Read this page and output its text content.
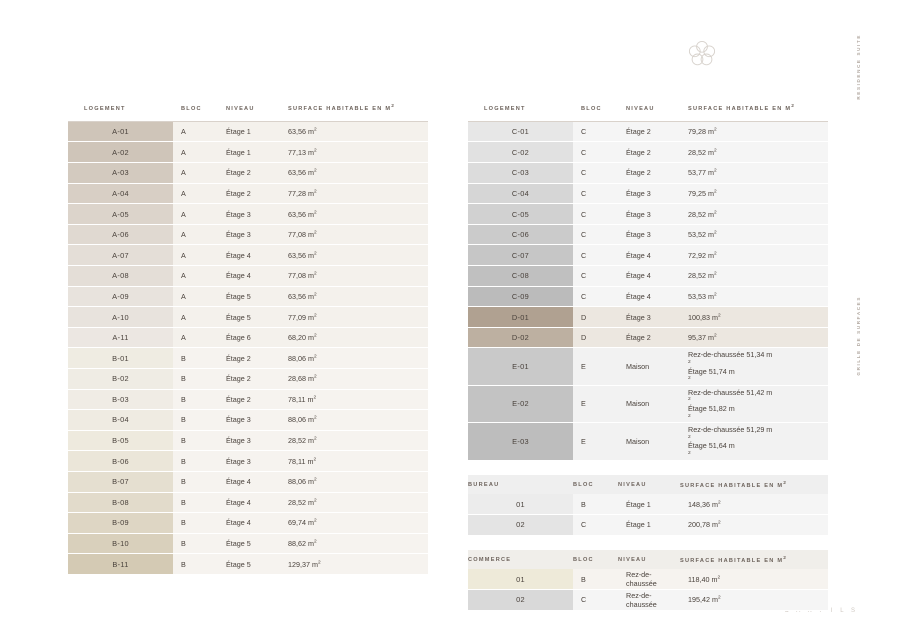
RESIDENCE SUITE
GRILLE DE SURFACES
C A R F I L S
LOGEMENT	BLOC	NIVEAU	SURFACE HABITABLE EN M2
A-01	A	Étage 1	63,56 $m^2$
A-02	A	Étage 1	77,13 $m^2$
A-03	A	Étage 2	63,56 $m^2$
A-04	A	Étage 2	77,28 $m^2$
A-05	A	Étage 3	63,56 $m^2$
A-06	A	Étage 3	77,08 $m^2$
A-07	A	Étage 4	63,56 $m^2$
A-08	A	Étage 4	77,08 $m^2$
A-09	A	Étage 5	63,56 $m^2$
A-10	A	Étage 5	77,09 $m^2$
A-11	A	Étage 6	68,20 $m^2$
B-01	B	Étage 2	88,06 $m^2$
B-02	B	Étage 2	28,68 $m^2$
B-03	B	Étage 2	78,11 $m^2$
B-04	B	Étage 3	88,06 $m^2$
B-05	B	Étage 3	28,52 $m^2$
B-06	B	Étage 3	78,11 $m^2$
B-07	B	Étage 4	88,06 $m^2$
B-08	B	Étage 4	28,52 $m^2$
B-09	B	Étage 4	69,74 $m^2$
B-10	B	Étage 5	88,62 $m^2$
B-11	B	Étage 5	129,37 $m^2$
LOGEMENT	BLOC	NIVEAU	SURFACE HABITABLE EN M2
C-01	C	Étage 2	79,28 $m^2$
C-02	C	Étage 2	28,52 $m^2$
C-03	C	Étage 2	53,77 $m^2$
C-04	C	Étage 3	79,25 $m^2$
C-05	C	Étage 3	28,52 $m^2$
C-06	C	Étage 3	53,52 $m^2$
C-07	C	Étage 4	72,92 $m^2$
C-08	C	Étage 4	28,52 $m^2$
C-09	C	Étage 4	53,53 $m^2$
D-01	D	Étage 3	100,83 $m^2$
D-02	D	Étage 2	95,37 $m^2$
E-01	E	Maison	Rez-de-chaussée 51,34 m
2
Étage 51,74 m
2

E-02	E	Maison	Rez-de-chaussée 51,42 m
2
Étage 51,82 m
2

E-03	E	Maison	Rez-de-chaussée 51,29 m
2
Étage 51,64 m
2
BUREAU	BLOC	NIVEAU	SURFACE HABITABLE EN M2
01	B	Étage 1	148,36 $m^2$
02	C	Étage 1	200,78 $m^2$
COMMERCE	BLOC	NIVEAU	SURFACE HABITABLE EN M2
01	B	Rez-de-chaussée	118,40 $m^2$
02	C	Rez-de-chaussée	195,42 $m^2$
